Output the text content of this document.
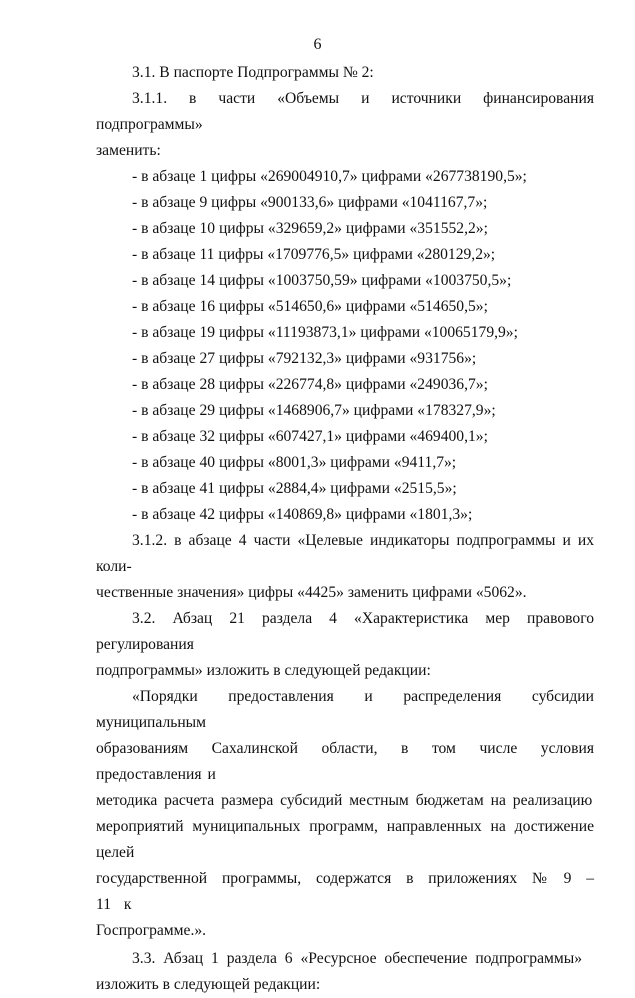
6

3.1. В паспорте Подпрограммы № 2:

3.1.1. в части «Объемы и источники финансирования подпрограммы»

заменить:

- в абзаце 1 цифры «269004910,7» цифрами «267738190,5»;

- в абзаце 9 цифры «900133,6» цифрами «1041167,7»;

- в абзаце 10 цифры «329659,2» цифрами «351552,2»;

- в абзаце 11 цифры «1709776,5» цифрами «280129,2»;

- в абзаце 14 цифры «1003750,59» цифрами «1003750,5»;

- в абзаце 16 цифры «514650,6» цифрами «514650,5»;

- в абзаце 19 цифры «11193873,1» цифрами «10065179,9»;

- в абзаце 27 цифры «792132,3» цифрами «931756»;

- в абзаце 28 цифры «226774,8» цифрами «249036,7»;

- в абзаце 29 цифры «1468906,7» цифрами «178327,9»;

- в абзаце 32 цифры «607427,1» цифрами «469400,1»;

- в абзаце 40 цифры «8001,3» цифрами «9411,7»;

- в абзаце 41 цифры «2884,4» цифрами «2515,5»;

- в абзаце 42 цифры «140869,8» цифрами «1801,3»;

3.1.2. в абзаце 4 части «Целевые индикаторы подпрограммы и их коли-

чественные значения» цифры «4425» заменить цифрами «5062».

3.2. Абзац 21 раздела 4 «Характеристика мер правового регулирования

подпрограммы» изложить в следующей редакции:

«Порядки предоставления и распределения субсидии муниципальным

образованиям Сахалинской области, в том числе условия предоставления и

методика расчета размера субсидий местным бюджетам на реализацию

мероприятий муниципальных программ, направленных на достижение целей

государственной программы, содержатся в приложениях № 9 – 11 к

Госпрограмме.».

3.3. Абзац 1 раздела 6 «Ресурсное обеспечение подпрограммы»

изложить в следующей редакции:
